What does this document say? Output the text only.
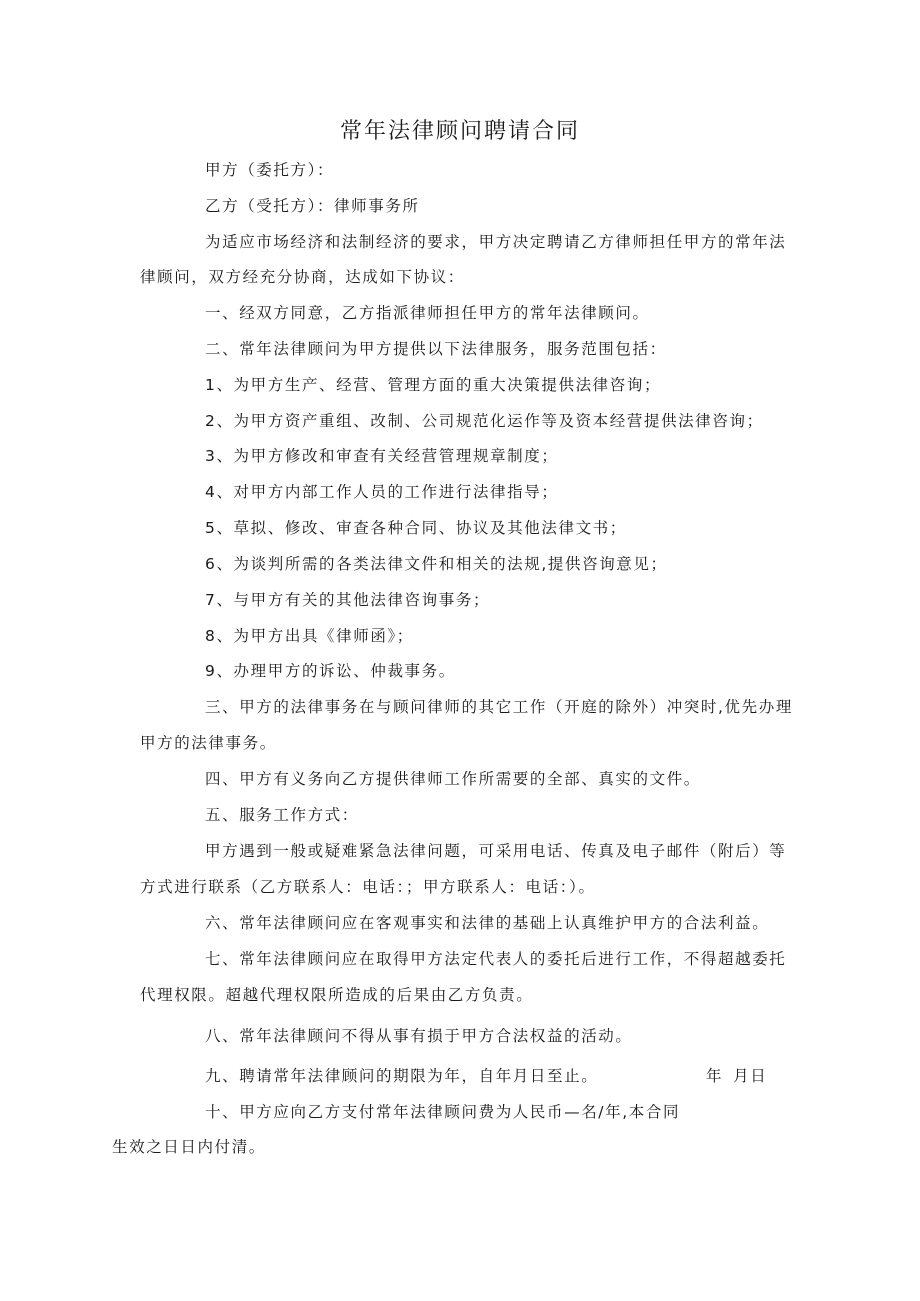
常年法律顾问聘请合同
甲方（委托方）：
乙方（受托方）：律师事务所
为适应市场经济和法制经济的要求，甲方决定聘请乙方律师担任甲方的常年法
律顾问，双方经充分协商，达成如下协议：
一、经双方同意，乙方指派律师担任甲方的常年法律顾问。
二、常年法律顾问为甲方提供以下法律服务，服务范围包括：
1、为甲方生产、经营、管理方面的重大决策提供法律咨询；
2、为甲方资产重组、改制、公司规范化运作等及资本经营提供法律咨询；
3、为甲方修改和审查有关经营管理规章制度；
4、对甲方内部工作人员的工作进行法律指导；
5、草拟、修改、审查各种合同、协议及其他法律文书；
6、为谈判所需的各类法律文件和相关的法规,提供咨询意见；
7、与甲方有关的其他法律咨询事务；
8、为甲方出具《律师函》；
9、办理甲方的诉讼、仲裁事务。
三、甲方的法律事务在与顾问律师的其它工作（开庭的除外）冲突时,优先办理
甲方的法律事务。
四、甲方有义务向乙方提供律师工作所需要的全部、真实的文件。
五、服务工作方式：
甲方遇到一般或疑难紧急法律问题，可采用电话、传真及电子邮件（附后）等
方式进行联系（乙方联系人：电话：；甲方联系人：电话：）。
六、常年法律顾问应在客观事实和法律的基础上认真维护甲方的合法利益。
七、常年法律顾问应在取得甲方法定代表人的委托后进行工作，不得超越委托
代理权限。超越代理权限所造成的后果由乙方负责。
八、常年法律顾问不得从事有损于甲方合法权益的活动。
九、聘请常年法律顾问的期限为年，自年月日至止。	年 月日
十、甲方应向乙方支付常年法律顾问费为人民币—名/年,本合同
生效之日日内付清。
